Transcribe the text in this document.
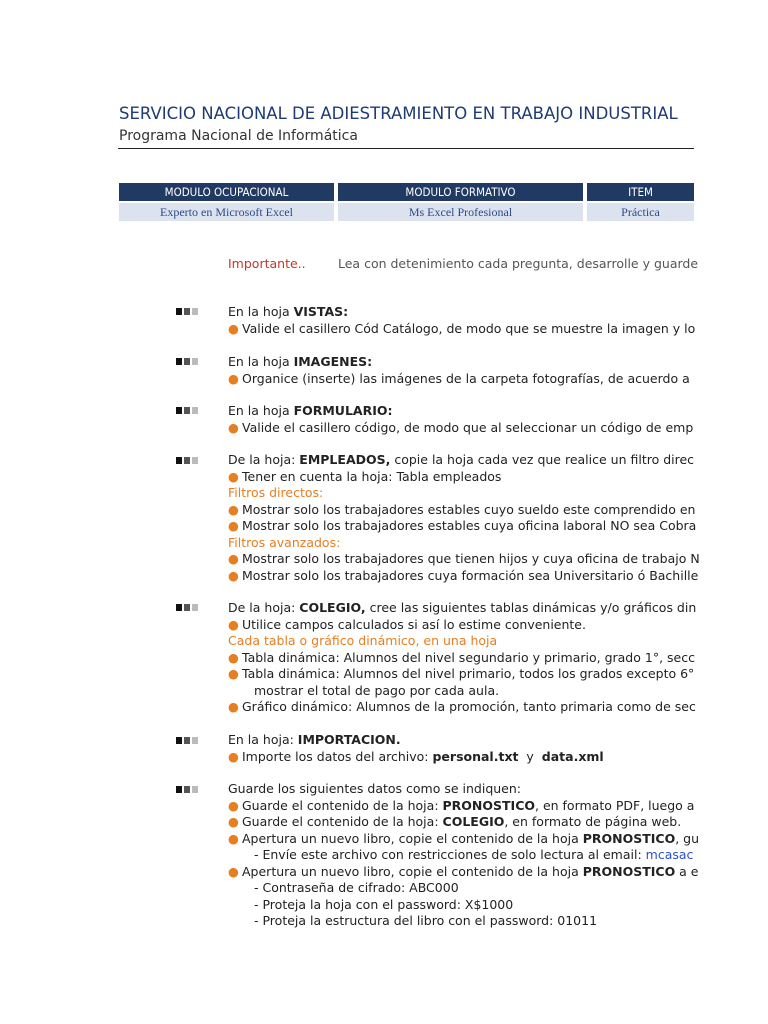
SERVICIO NACIONAL DE ADIESTRAMIENTO EN TRABAJO INDUSTRIAL
Programa Nacional de Informática
MODULO OCUPACIONAL	MODULO FORMATIVO	ITEM
Experto en Microsoft Excel	Ms Excel Profesional	Práctica
Importante..	Lea con detenimiento cada pregunta, desarrolle y guarde
En la hoja VISTAS:
● Valide el casillero Cód Catálogo, de modo que se muestre la imagen y lo
En la hoja IMAGENES:
● Organice (inserte) las imágenes de la carpeta fotografías, de acuerdo a
En la hoja FORMULARIO:
● Valide el casillero código, de modo que al seleccionar un código de emp
De la hoja: EMPLEADOS, copie la hoja cada vez que realice un filtro direc
● Tener en cuenta la hoja: Tabla empleados
Filtros directos:
● Mostrar solo los trabajadores estables cuyo sueldo este comprendido en
● Mostrar solo los trabajadores estables cuya oficina laboral NO sea Cobra
Filtros avanzados:
● Mostrar solo los trabajadores que tienen hijos y cuya oficina de trabajo N
● Mostrar solo los trabajadores cuya formación sea Universitario ó Bachille
De la hoja: COLEGIO, cree las siguientes tablas dinámicas y/o gráficos din
● Utilice campos calculados si así lo estime conveniente.
Cada tabla o gráfico dinámico, en una hoja
● Tabla dinámica: Alumnos del nivel segundario y primario, grado 1°, secc
● Tabla dinámica: Alumnos del nivel primario, todos los grados excepto 6°
mostrar el total de pago por cada aula.
● Gráfico dinámico: Alumnos de la promoción, tanto primaria como de sec
En la hoja: IMPORTACION.
● Importe los datos del archivo: personal.txt  y  data.xml
Guarde los siguientes datos como se indiquen:
● Guarde el contenido de la hoja: PRONOSTICO, en formato PDF, luego a
● Guarde el contenido de la hoja: COLEGIO, en formato de página web.
● Apertura un nuevo libro, copie el contenido de la hoja PRONOSTICO, gu
- Envíe este archivo con restricciones de solo lectura al email: mcasac
● Apertura un nuevo libro, copie el contenido de la hoja PRONOSTICO a e
- Contraseña de cifrado: ABC000
- Proteja la hoja con el password: X$1000
- Proteja la estructura del libro con el password: 01011
